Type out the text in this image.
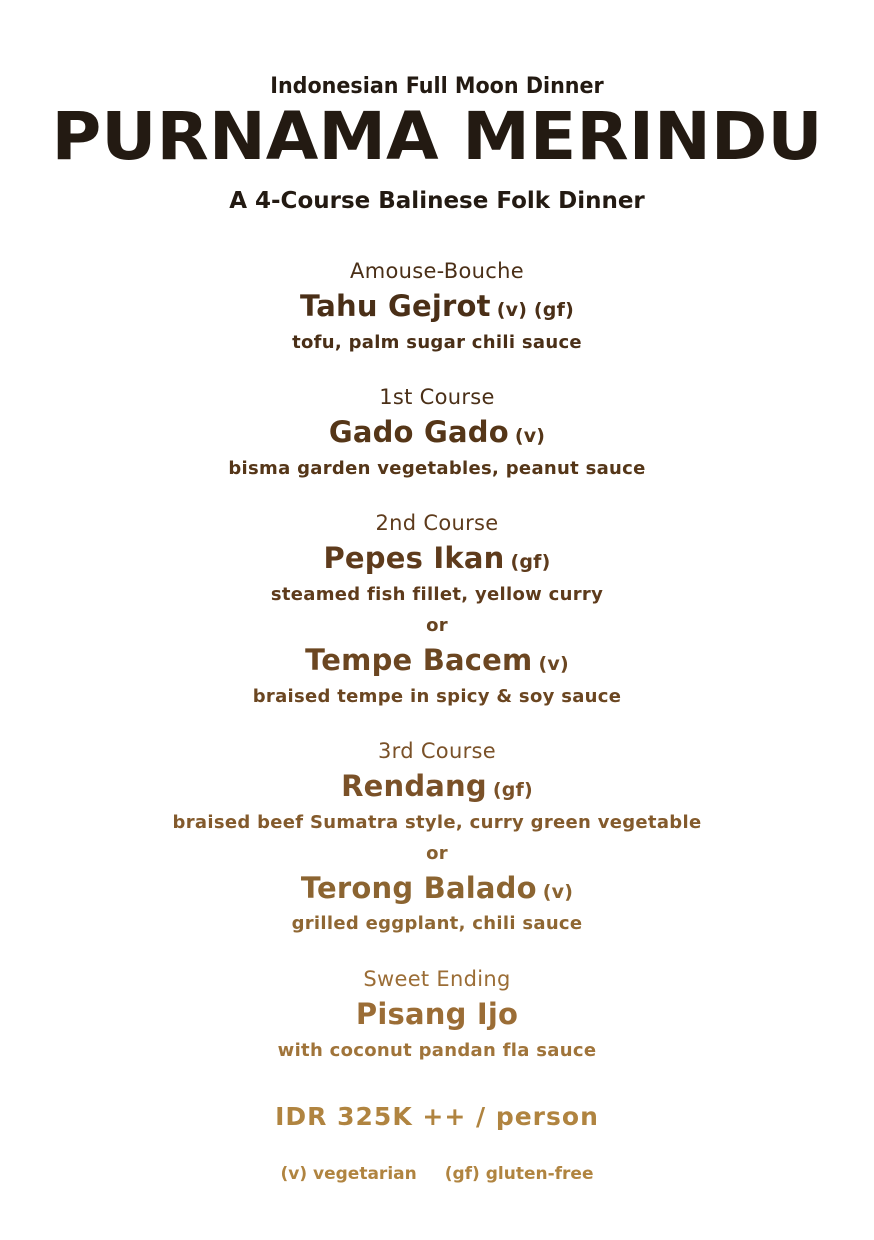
Indonesian Full Moon Dinner
PURNAMA MERINDU
A 4-Course Balinese Folk Dinner
Amouse-Bouche
Tahu Gejrot (v) (gf)
tofu, palm sugar chili sauce
1st Course
Gado Gado (v)
bisma garden vegetables, peanut sauce
2nd Course
Pepes Ikan (gf)
steamed fish fillet, yellow curry
or
Tempe Bacem (v)
braised tempe in spicy & soy sauce
3rd Course
Rendang (gf)
braised beef Sumatra style, curry green vegetable
or
Terong Balado (v)
grilled eggplant, chili sauce
Sweet Ending
Pisang Ijo
with coconut pandan fla sauce
IDR 325K ++ / person
(v) vegetarian (gf) gluten-free
